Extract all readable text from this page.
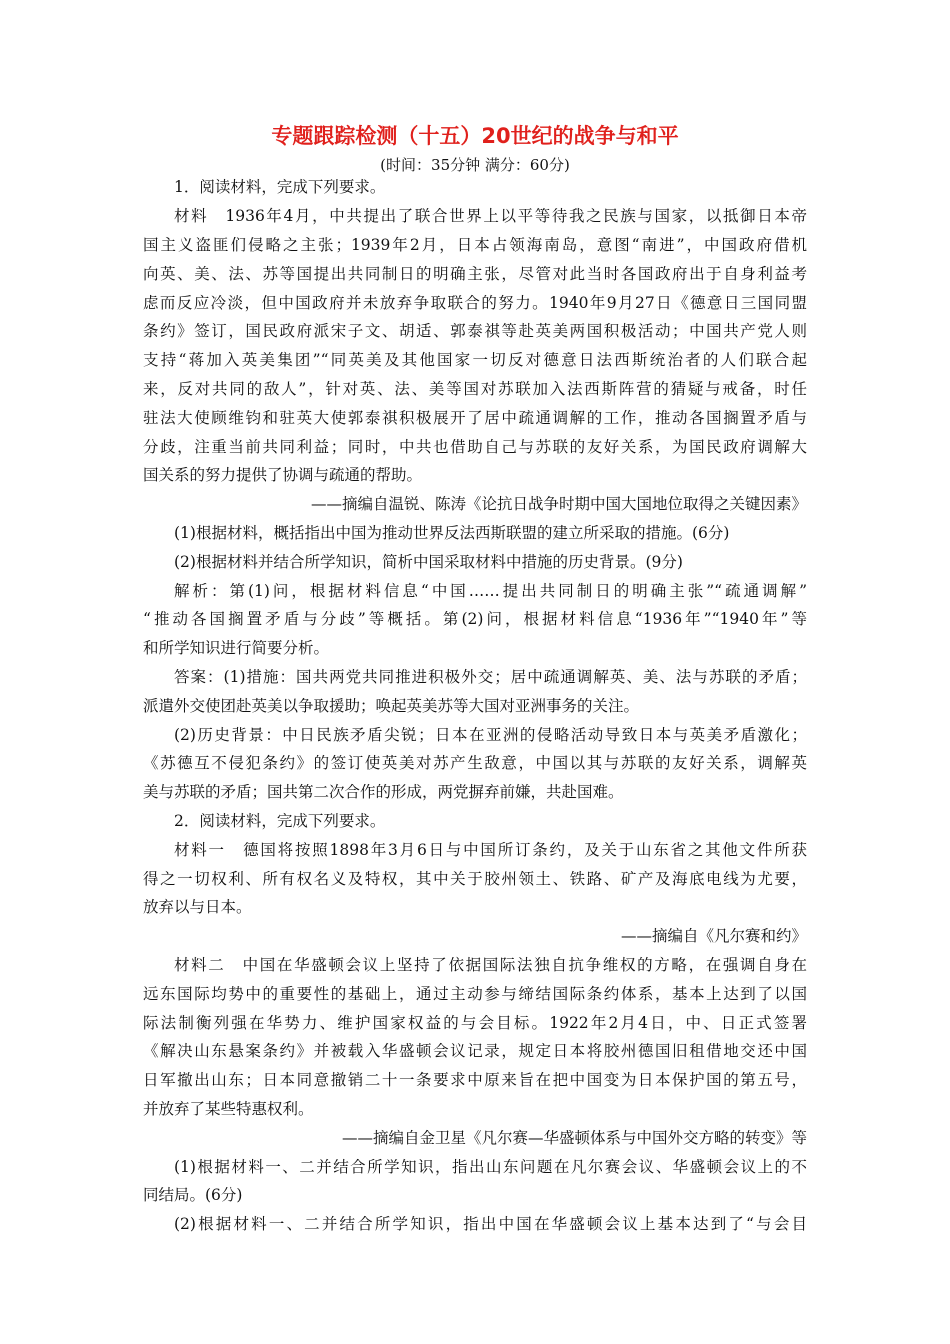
专题跟踪检测（十五）20世纪的战争与和平
(时间：35分钟 满分：60分)
1．阅读材料，完成下列要求。
材料　1936年4月，中共提出了联合世界上以平等待我之民族与国家，以抵御日本帝
国主义盗匪们侵略之主张；1939年2月，日本占领海南岛，意图“南进”，中国政府借机
向英、美、法、苏等国提出共同制日的明确主张，尽管对此当时各国政府出于自身利益考
虑而反应冷淡，但中国政府并未放弃争取联合的努力。1940年9月27日《德意日三国同盟
条约》签订，国民政府派宋子文、胡适、郭泰祺等赴英美两国积极活动；中国共产党人则
支持“蒋加入英美集团”“同英美及其他国家一切反对德意日法西斯统治者的人们联合起
来，反对共同的敌人”，针对英、法、美等国对苏联加入法西斯阵营的猜疑与戒备，时任
驻法大使顾维钧和驻英大使郭泰祺积极展开了居中疏通调解的工作，推动各国搁置矛盾与
分歧，注重当前共同利益；同时，中共也借助自己与苏联的友好关系，为国民政府调解大
国关系的努力提供了协调与疏通的帮助。
——摘编自温锐、陈涛《论抗日战争时期中国大国地位取得之关键因素》
(1)根据材料，概括指出中国为推动世界反法西斯联盟的建立所采取的措施。(6分)
(2)根据材料并结合所学知识，简析中国采取材料中措施的历史背景。(9分)
解析：第(1)问，根据材料信息“中国……提出共同制日的明确主张”“疏通调解”
“推动各国搁置矛盾与分歧”等概括。第(2)问，根据材料信息“1936年”“1940年”等
和所学知识进行简要分析。
答案：(1)措施：国共两党共同推进积极外交；居中疏通调解英、美、法与苏联的矛盾；
派遣外交使团赴英美以争取援助；唤起英美苏等大国对亚洲事务的关注。
(2)历史背景：中日民族矛盾尖锐；日本在亚洲的侵略活动导致日本与英美矛盾激化；
《苏德互不侵犯条约》的签订使英美对苏产生敌意，中国以其与苏联的友好关系，调解英
美与苏联的矛盾；国共第二次合作的形成，两党摒弃前嫌，共赴国难。
2．阅读材料，完成下列要求。
材料一　德国将按照1898年3月6日与中国所订条约，及关于山东省之其他文件所获
得之一切权利、所有权名义及特权，其中关于胶州领土、铁路、矿产及海底电线为尤要，
放弃以与日本。
——摘编自《凡尔赛和约》
材料二　中国在华盛顿会议上坚持了依据国际法独自抗争维权的方略，在强调自身在
远东国际均势中的重要性的基础上，通过主动参与缔结国际条约体系，基本上达到了以国
际法制衡列强在华势力、维护国家权益的与会目标。1922年2月4日，中、日正式签署
《解决山东悬案条约》并被载入华盛顿会议记录，规定日本将胶州德国旧租借地交还中国
日军撤出山东；日本同意撤销二十一条要求中原来旨在把中国变为日本保护国的第五号，
并放弃了某些特惠权利。
——摘编自金卫星《凡尔赛—华盛顿体系与中国外交方略的转变》等
(1)根据材料一、二并结合所学知识，指出山东问题在凡尔赛会议、华盛顿会议上的不
同结局。(6分)
(2)根据材料一、二并结合所学知识，指出中国在华盛顿会议上基本达到了“与会目
